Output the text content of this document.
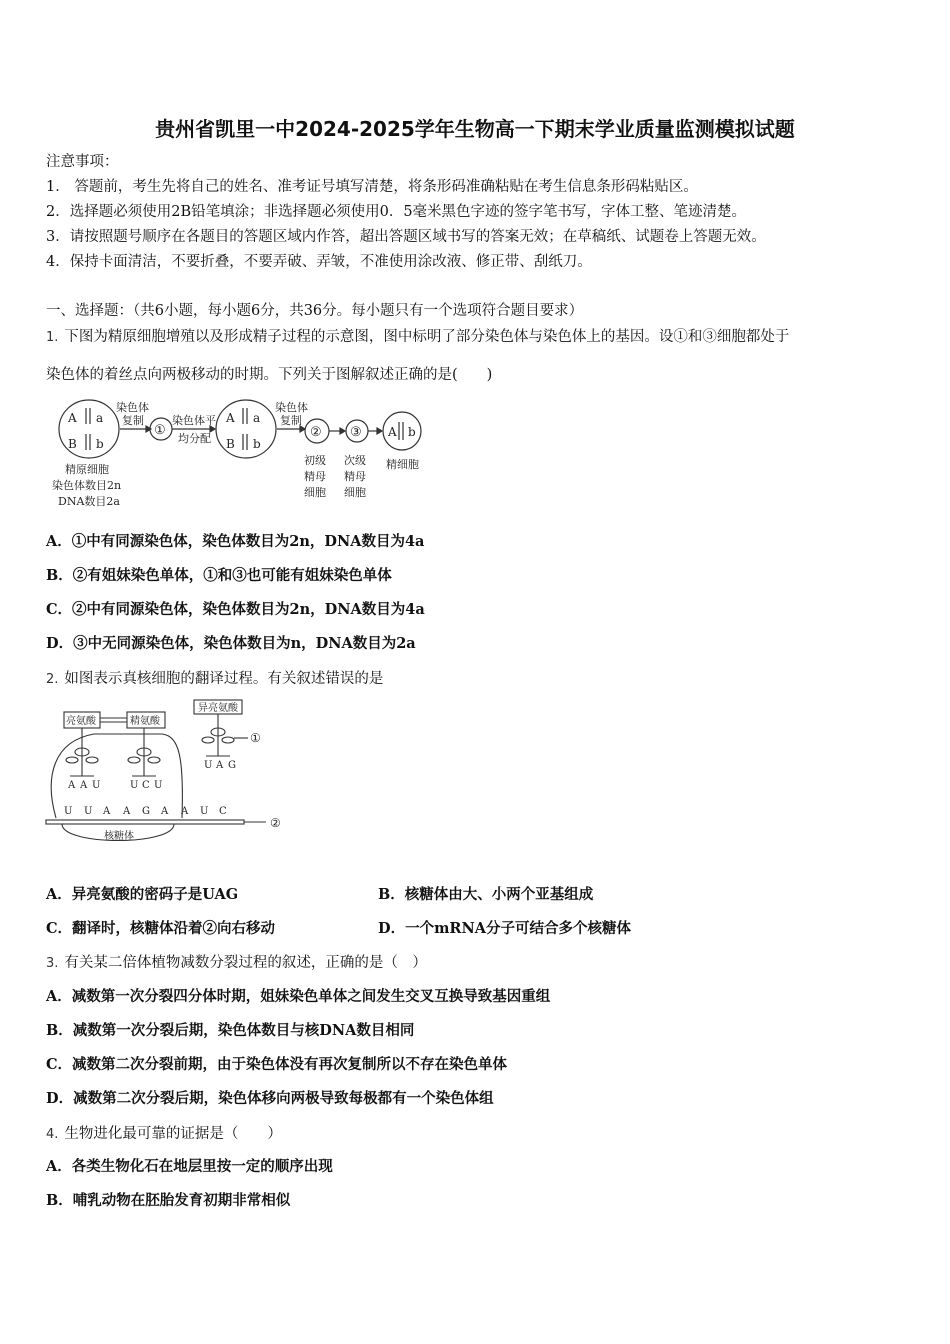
贵州省凯里一中2024-2025学年生物高一下期末学业质量监测模拟试题
注意事项：
1． 答题前，考生先将自己的姓名、准考证号填写清楚，将条形码准确粘贴在考生信息条形码粘贴区。
2．选择题必须使用2B铅笔填涂；非选择题必须使用0．5毫米黑色字迹的签字笔书写，字体工整、笔迹清楚。
3．请按照题号顺序在各题目的答题区域内作答，超出答题区域书写的答案无效；在草稿纸、试题卷上答题无效。
4．保持卡面清洁，不要折叠，不要弄破、弄皱，不准使用涂改液、修正带、刮纸刀。
一、选择题：（共6小题，每小题6分，共36分。每小题只有一个选项符合题目要求）
1. 下图为精原细胞增殖以及形成精子过程的示意图，图中标明了部分染色体与染色体上的基因。设①和③细胞都处于
染色体的着丝点向两极移动的时期。下列关于图解叙述正确的是(　　)
A a
B b
A a
B b
A b
染色体
复制	染色体平
均分配
染色体
复制
①	② ③
精原细胞
染色体数目2n
DNA数目2a
初级
精母
细胞
次级
精母
细胞
精细胞
A．①中有同源染色体，染色体数目为2n，DNA数目为4a
B．②有姐妹染色单体，①和③也可能有姐妹染色单体
C．②中有同源染色体，染色体数目为2n，DNA数目为4a
D．③中无同源染色体，染色体数目为n，DNA数目为2a
2. 如图表示真核细胞的翻译过程。有关叙述错误的是
亮氨酸	精氨酸
异亮氨酸
①
②
核糖体
A A U	U C U
U A G
U U A A G A A U C
A．异亮氨酸的密码子是UAG	B．核糖体由大、小两个亚基组成
C．翻译时，核糖体沿着②向右移动	D．一个mRNA分子可结合多个核糖体
3. 有关某二倍体植物减数分裂过程的叙述，正确的是（　）
A．减数第一次分裂四分体时期，姐妹染色单体之间发生交叉互换导致基因重组
B．减数第一次分裂后期，染色体数目与核DNA数目相同
C．减数第二次分裂前期，由于染色体没有再次复制所以不存在染色单体
D．减数第二次分裂后期，染色体移向两极导致每极都有一个染色体组
4. 生物进化最可靠的证据是（　　）
A．各类生物化石在地层里按一定的顺序出现
B．哺乳动物在胚胎发育初期非常相似
